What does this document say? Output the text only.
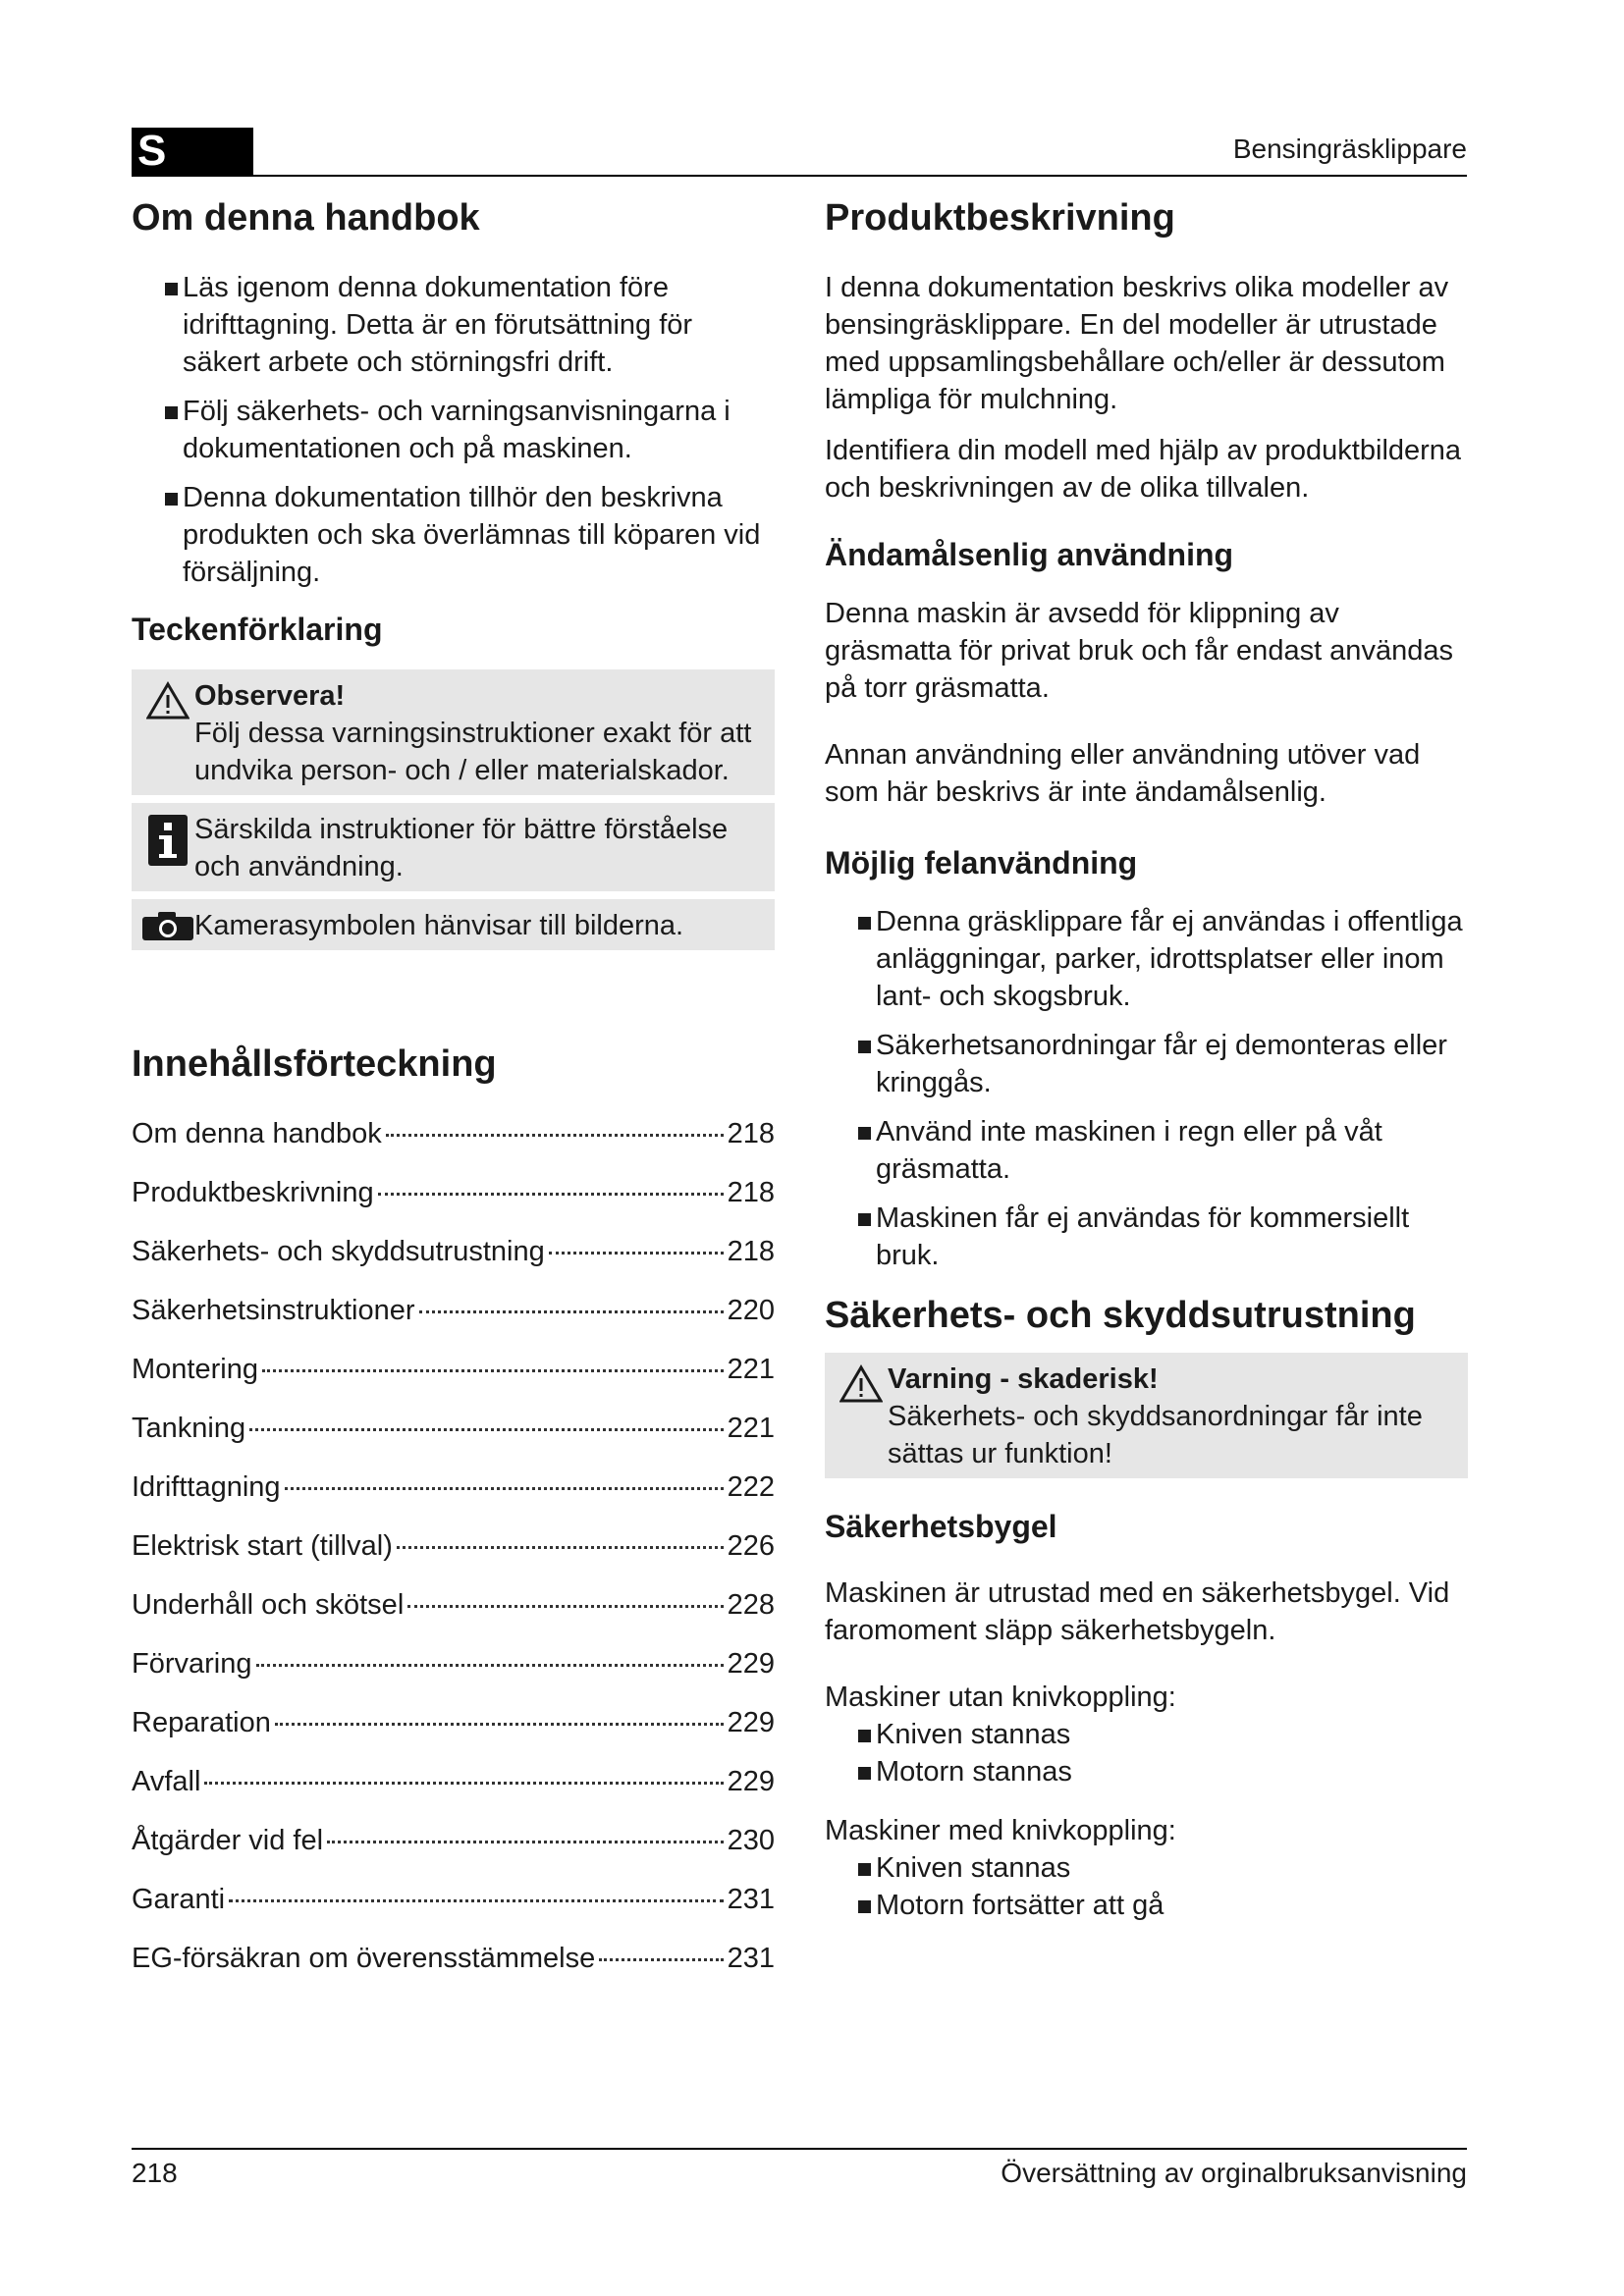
S	Bensingräsklippare
Om denna handbok
Läs igenom denna dokumentation före idrifttagning. Detta är en förutsättning för säkert arbete och störningsfri drift.
Följ säkerhets- och varningsanvisningarna i dokumentationen och på maskinen.
Denna dokumentation tillhör den beskrivna produkten och ska överlämnas till köparen vid försäljning.
Teckenförklaring
Observera!
Följ dessa varningsinstruktioner exakt för att undvika person- och / eller materialskador.
Särskilda instruktioner för bättre förståelse och användning.
Kamerasymbolen hänvisar till bilderna.
Innehållsförteckning
Om denna handbok	218
Produktbeskrivning	218
Säkerhets- och skyddsutrustning	218
Säkerhetsinstruktioner	220
Montering	221
Tankning	221
Idrifttagning	222
Elektrisk start (tillval)	226
Underhåll och skötsel	228
Förvaring	229
Reparation	229
Avfall	229
Åtgärder vid fel	230
Garanti	231
EG-försäkran om överensstämmelse	231
Produktbeskrivning

I denna dokumentation beskrivs olika modeller av bensingräsklippare. En del modeller är utrustade med uppsamlingsbehållare och/eller är dessutom lämpliga för mulchning.

Identifiera din modell med hjälp av produktbilderna och beskrivningen av de olika tillvalen.

Ändamålsenlig användning

Denna maskin är avsedd för klippning av gräsmatta för privat bruk och får endast användas på torr gräsmatta.

Annan användning eller användning utöver vad som här beskrivs är inte ändamålsenlig.

Möjlig felanvändning
Denna gräsklippare får ej användas i offentliga anläggningar, parker, idrottsplatser eller inom lant- och skogsbruk.
Säkerhetsanordningar får ej demonteras eller kringgås.
Använd inte maskinen i regn eller på våt gräsmatta.
Maskinen får ej användas för kommersiellt bruk.
Säkerhets- och skyddsutrustning
Varning - skaderisk!
Säkerhets- och skyddsanordningar får inte sättas ur funktion!
Säkerhetsbygel

Maskinen är utrustad med en säkerhetsbygel. Vid faromoment släpp säkerhetsbygeln.

Maskiner utan knivkoppling:

Kniven stannas
Motorn stannas

Maskiner med knivkoppling:

Kniven stannas
Motorn fortsätter att gå
218	Översättning av orginalbruksanvisning
